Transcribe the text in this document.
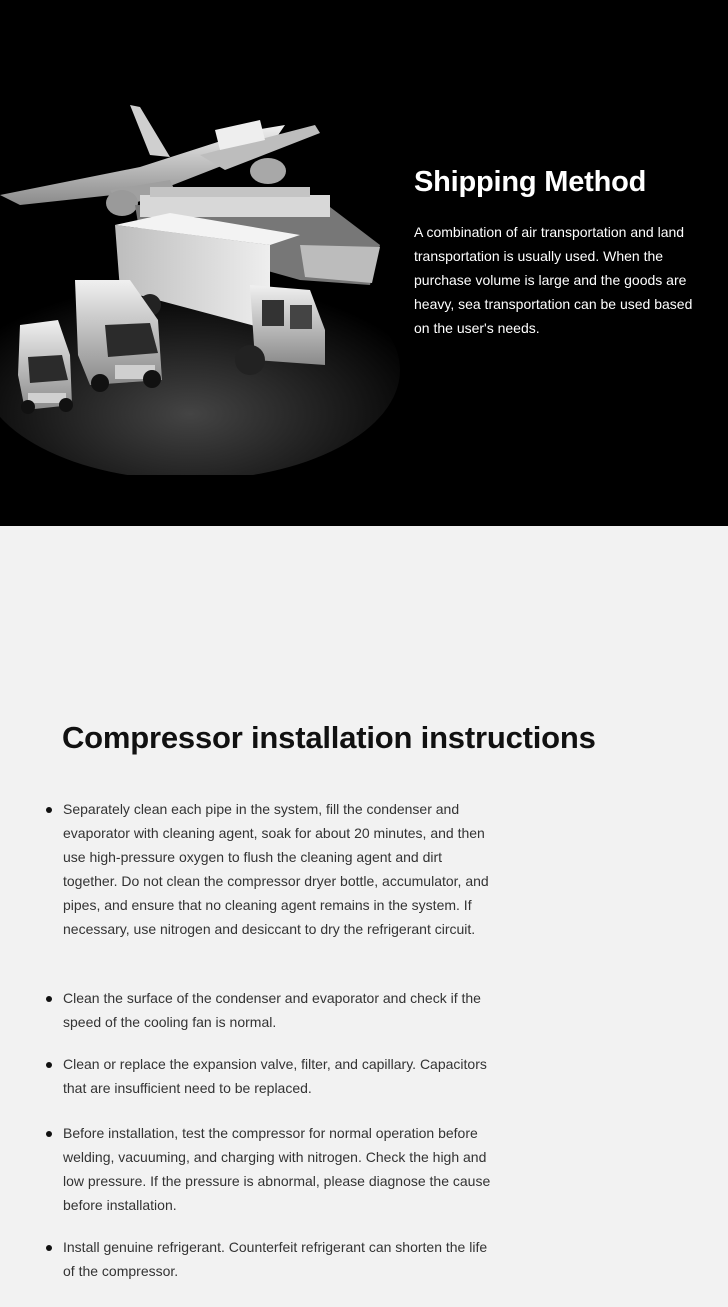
Shipping Method

A combination of air transportation and land transportation is usually used. When the purchase volume is large and the goods are heavy, sea transportation can be used based on the user's needs.

Compressor installation instructions
Separately clean each pipe in the system, fill the condenser and evaporator with cleaning agent, soak for about 20 minutes, and then use high-pressure oxygen to flush the cleaning agent and dirt together. Do not clean the compressor dryer bottle, accumulator, and pipes, and ensure that no cleaning agent remains in the system. If necessary, use nitrogen and desiccant to dry the refrigerant circuit.
Clean the surface of the condenser and evaporator and check if the speed of the cooling fan is normal.
Clean or replace the expansion valve, filter, and capillary. Capacitors that are insufficient need to be replaced.
Before installation, test the compressor for normal operation before welding, vacuuming, and charging with nitrogen. Check the high and low pressure. If the pressure is abnormal, please diagnose the cause before installation.
Install genuine refrigerant. Counterfeit refrigerant can shorten the life of the compressor.
